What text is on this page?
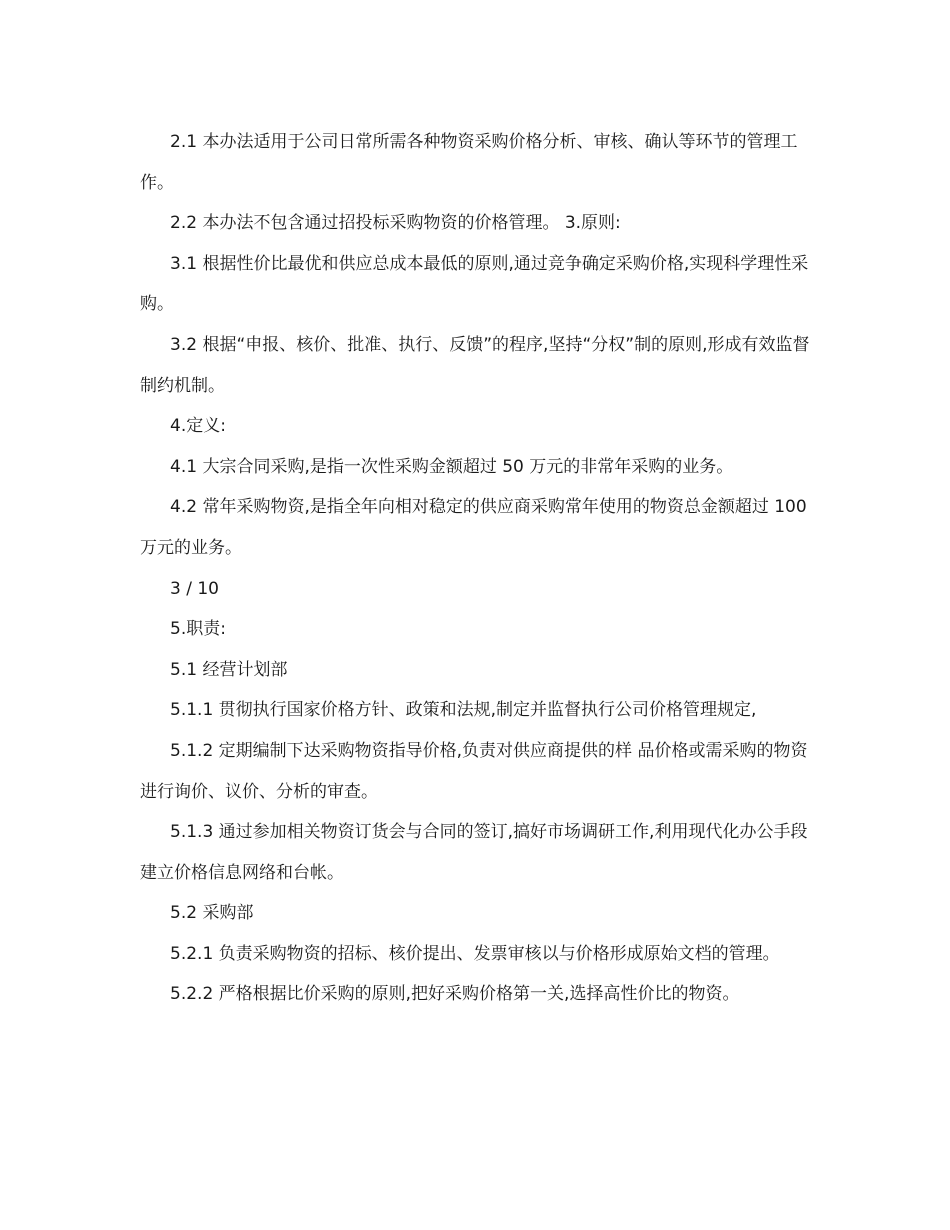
2.1 本办法适用于公司日常所需各种物资采购价格分析、审核、确认等环节的管理工作。

2.2 本办法不包含通过招投标采购物资的价格管理。 3.原则:

3.1 根据性价比最优和供应总成本最低的原则,通过竞争确定采购价格,实现科学理性采购。

3.2 根据“申报、核价、批准、执行、反馈”的程序,坚持“分权”制的原则,形成有效监督制约机制。

4.定义:

4.1 大宗合同采购,是指一次性采购金额超过 50 万元的非常年采购的业务。

4.2 常年采购物资,是指全年向相对稳定的供应商采购常年使用的物资总金额超过 100 万元的业务。

3 / 10

5.职责:

5.1 经营计划部

5.1.1 贯彻执行国家价格方针、政策和法规,制定并监督执行公司价格管理规定,

5.1.2 定期编制下达采购物资指导价格,负责对供应商提供的样 品价格或需采购的物资进行询价、议价、分析的审查。

5.1.3 通过参加相关物资订货会与合同的签订,搞好市场调研工作,利用现代化办公手段建立价格信息网络和台帐。

5.2 采购部

5.2.1 负责采购物资的招标、核价提出、发票审核以与价格形成原始文档的管理。

5.2.2 严格根据比价采购的原则,把好采购价格第一关,选择高性价比的物资。
